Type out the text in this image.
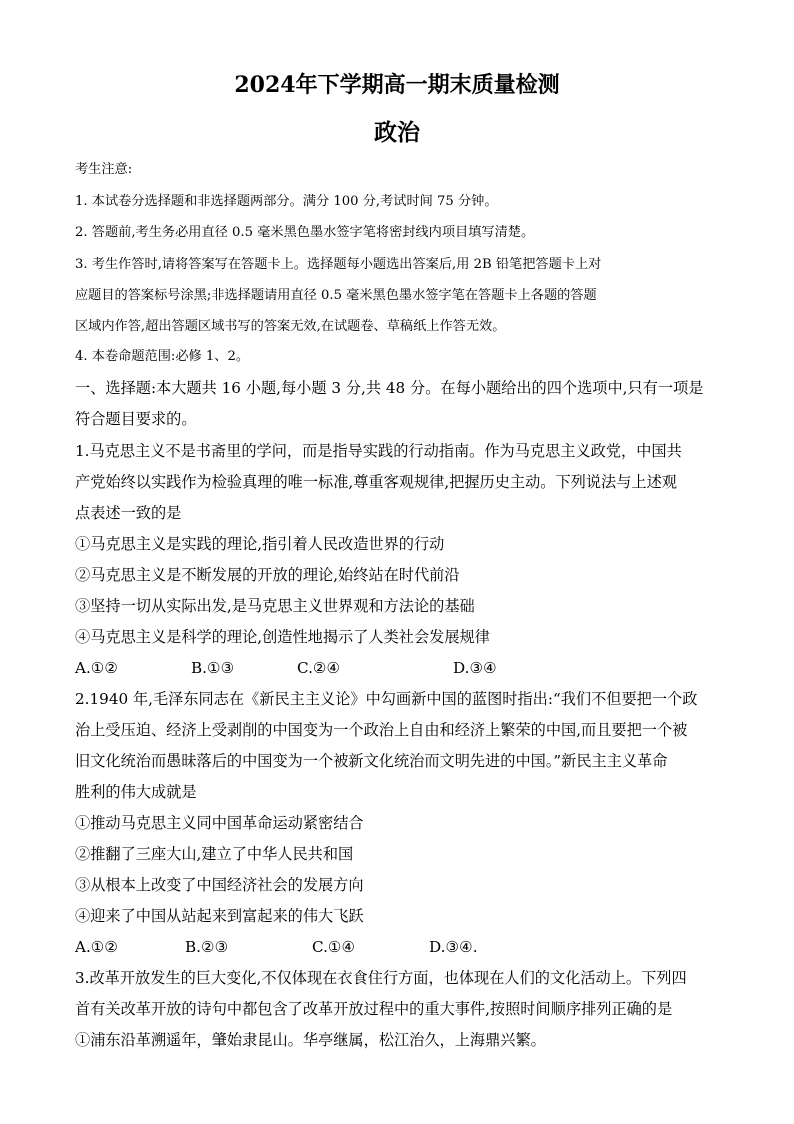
2024年下学期高一期末质量检测
政治
考生注意:
1. 本试卷分选择题和非选择题两部分。满分 100 分,考试时间 75 分钟。
2. 答题前,考生务必用直径 0.5 毫米黑色墨水签字笔将密封线内项目填写清楚。
3. 考生作答时,请将答案写在答题卡上。选择题每小题选出答案后,用 2B 铅笔把答题卡上对
应题目的答案标号涂黑;非选择题请用直径 0.5 毫米黑色墨水签字笔在答题卡上各题的答题
区域内作答,超出答题区域书写的答案无效,在试题卷、草稿纸上作答无效。
4. 本卷命题范围:必修 1、2。
一、选择题:本大题共 16 小题,每小题 3 分,共 48 分。在每小题给出的四个选项中,只有一项是
符合题目要求的。
1.马克思主义不是书斋里的学问，而是指导实践的行动指南。作为马克思主义政党，中国共
产党始终以实践作为检验真理的唯一标准,尊重客观规律,把握历史主动。下列说法与上述观
点表述一致的是
①马克思主义是实践的理论,指引着人民改造世界的行动
②马克思主义是不断发展的开放的理论,始终站在时代前沿
③坚持一切从实际出发,是马克思主义世界观和方法论的基础
④马克思主义是科学的理论,创造性地揭示了人类社会发展规律
A.①②	B.①③	C.②④	D.③④
2.1940 年,毛泽东同志在《新民主主义论》中勾画新中国的蓝图时指出:“我们不但要把一个政
治上受压迫、经济上受剥削的中国变为一个政治上自由和经济上繁荣的中国,而且要把一个被
旧文化统治而愚昧落后的中国变为一个被新文化统治而文明先进的中国。”新民主主义革命
胜利的伟大成就是
①推动马克思主义同中国革命运动紧密结合
②推翻了三座大山,建立了中华人民共和国
③从根本上改变了中国经济社会的发展方向
④迎来了中国从站起来到富起来的伟大飞跃
A.①②	B.②③	C.①④	D.③④.
3.改革开放发生的巨大变化,不仅体现在衣食住行方面，也体现在人们的文化活动上。下列四
首有关改革开放的诗句中都包含了改革开放过程中的重大事件,按照时间顺序排列正确的是
①浦东沿革溯遥年，肇始隶昆山。华亭继属，松江治久，上海鼎兴繁。
